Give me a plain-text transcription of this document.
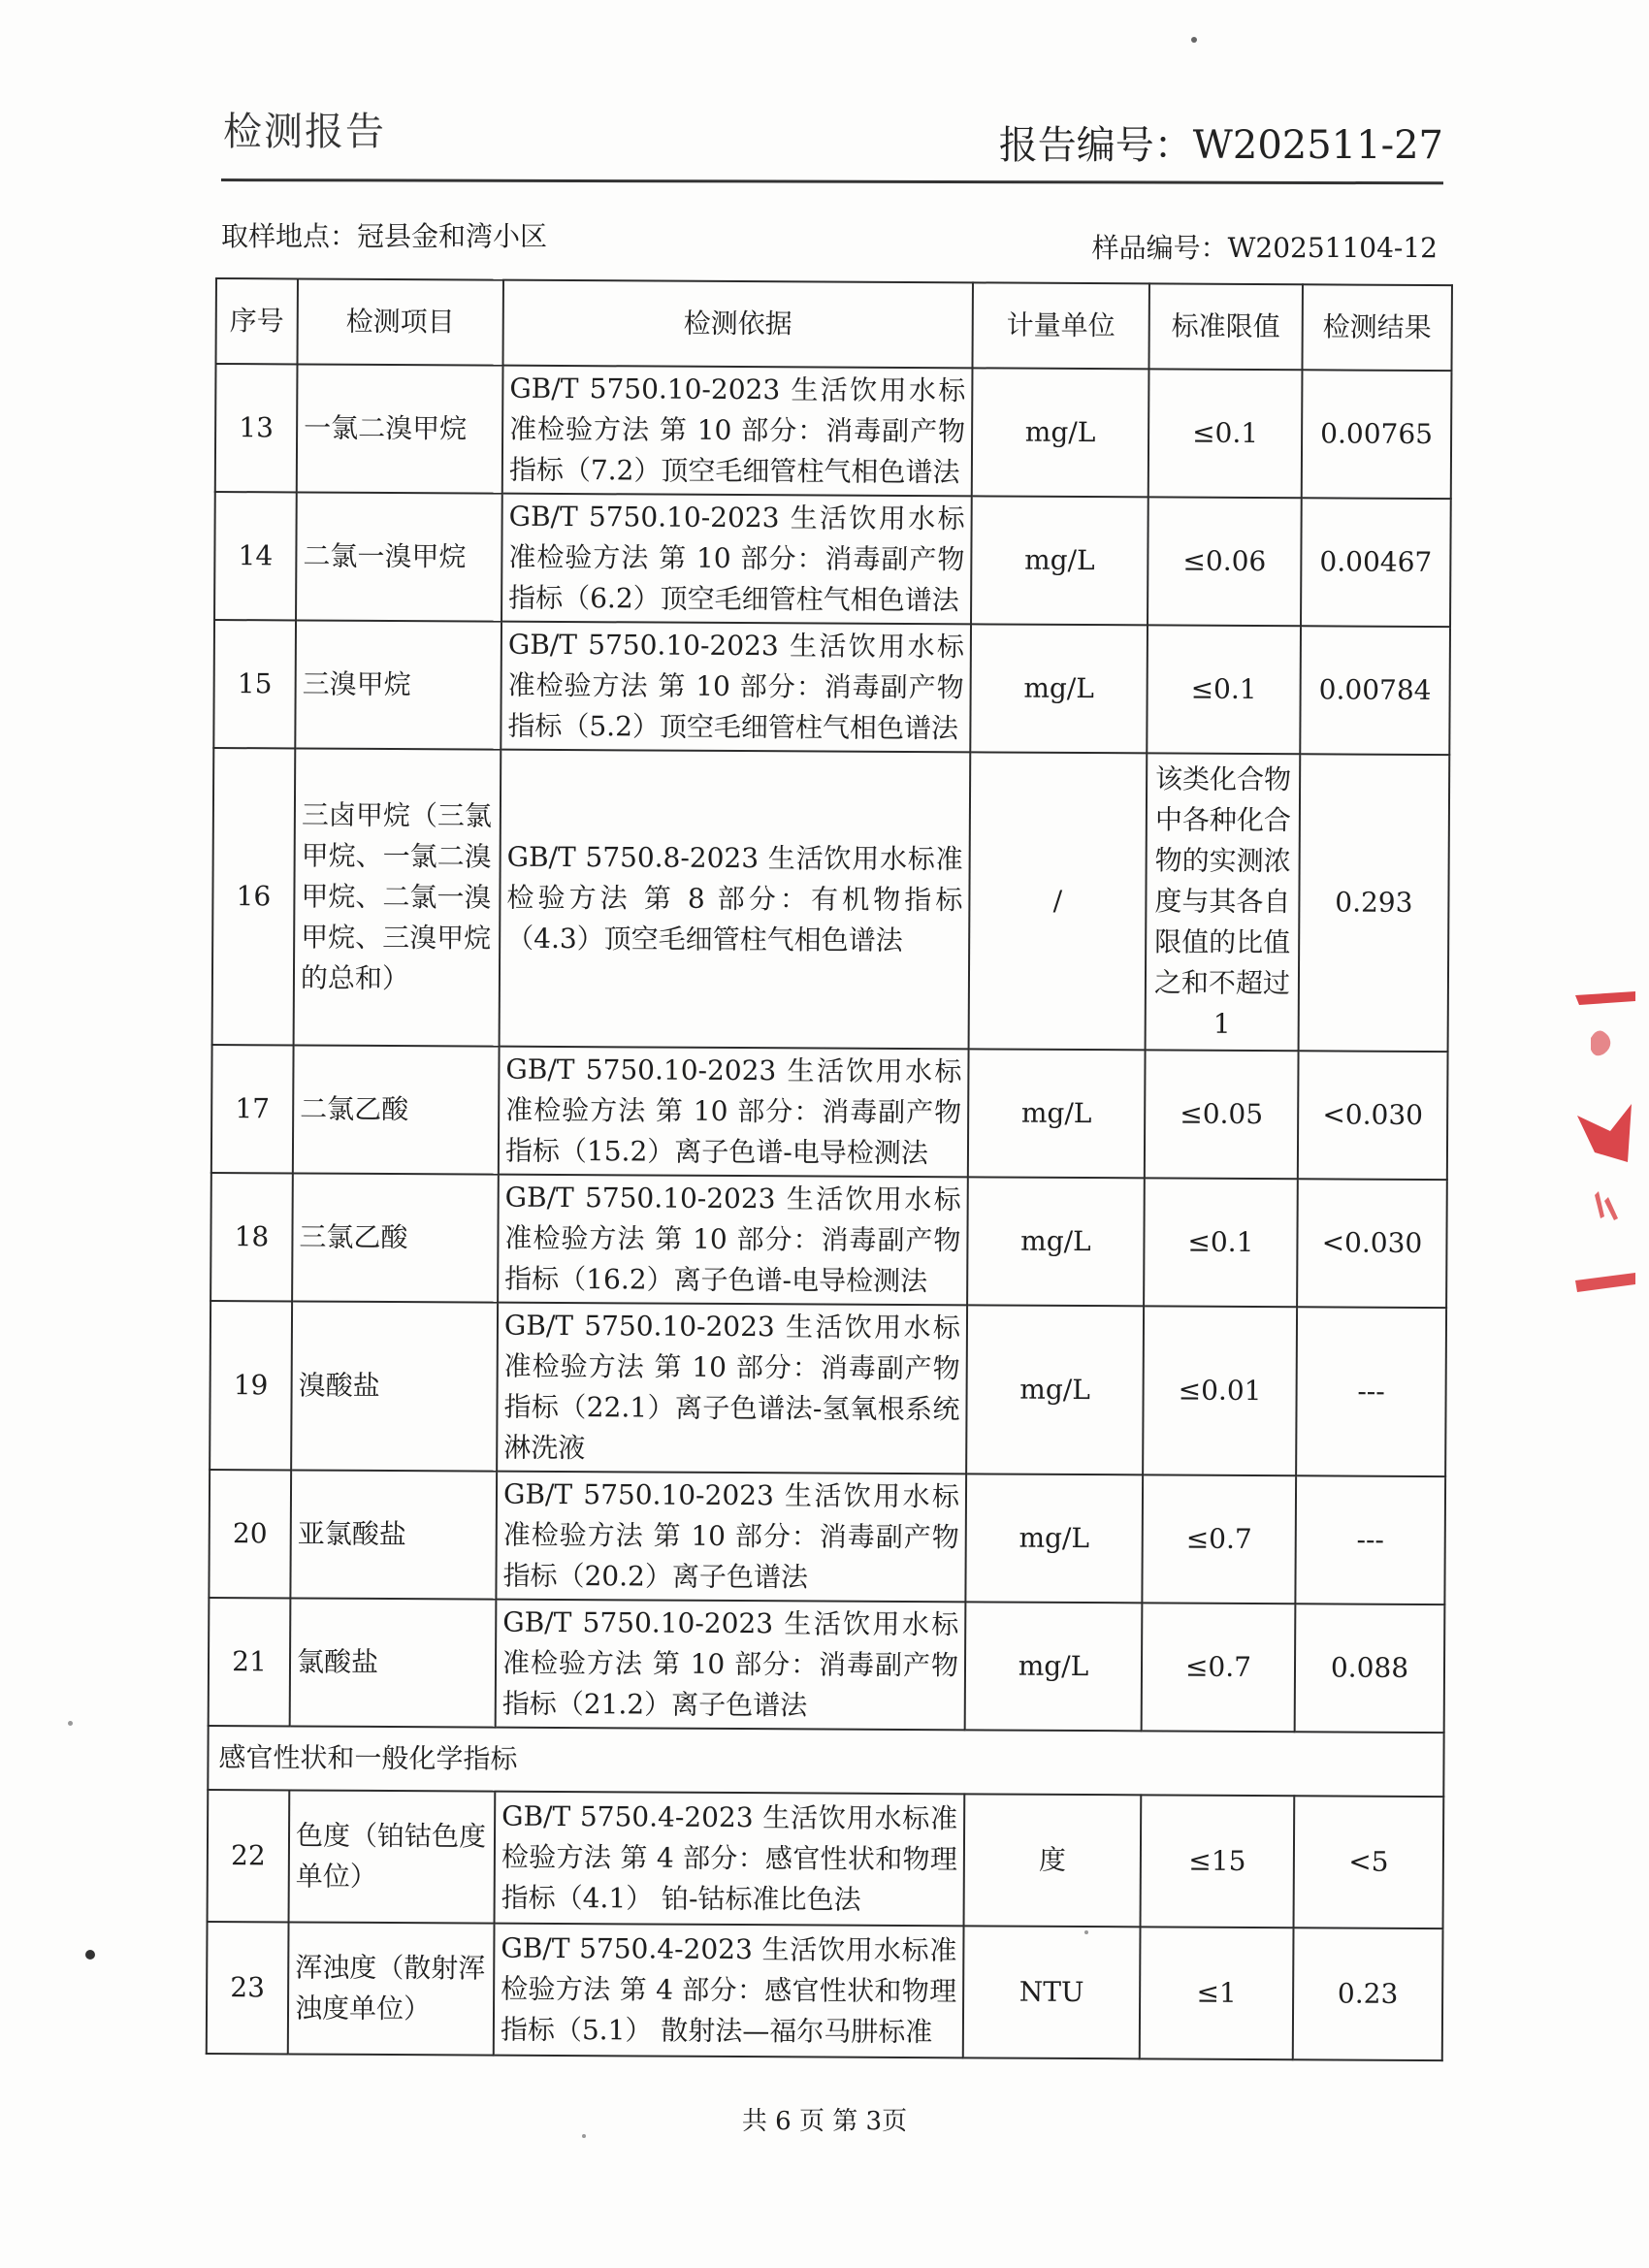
检测报告	报告编号：W202511-27
取样地点：冠县金和湾小区	样品编号：W20251104-12
序号	检测项目	检测依据	计量单位	标准限值	检测结果
13	一氯二溴甲烷	GB/T 5750.10-2023 生活饮用水标准检验方法 第 10 部分：消毒副产物指标（7.2）顶空毛细管柱气相色谱法	mg/L	≤0.1	0.00765
14	二氯一溴甲烷	GB/T 5750.10-2023 生活饮用水标准检验方法 第 10 部分：消毒副产物指标（6.2）顶空毛细管柱气相色谱法	mg/L	≤0.06	0.00467
15	三溴甲烷	GB/T 5750.10-2023 生活饮用水标准检验方法 第 10 部分：消毒副产物指标（5.2）顶空毛细管柱气相色谱法	mg/L	≤0.1	0.00784
16	三卤甲烷（三氯甲烷、一氯二溴甲烷、二氯一溴甲烷、三溴甲烷的总和）	GB/T 5750.8-2023 生活饮用水标准检验方法 第 8 部分：有机物指标（4.3）顶空毛细管柱气相色谱法	/	该类化合物中各种化合物的实测浓度与其各自限值的比值之和不超过1	0.293
17	二氯乙酸	GB/T 5750.10-2023 生活饮用水标准检验方法 第 10 部分：消毒副产物指标（15.2）离子色谱-电导检测法	mg/L	≤0.05	<0.030
18	三氯乙酸	GB/T 5750.10-2023 生活饮用水标准检验方法 第 10 部分：消毒副产物指标（16.2）离子色谱-电导检测法	mg/L	≤0.1	<0.030
19	溴酸盐	GB/T 5750.10-2023 生活饮用水标准检验方法 第 10 部分：消毒副产物指标（22.1）离子色谱法-氢氧根系统淋洗液	mg/L	≤0.01	---
20	亚氯酸盐	GB/T 5750.10-2023 生活饮用水标准检验方法 第 10 部分：消毒副产物指标（20.2）离子色谱法	mg/L	≤0.7	---
21	氯酸盐	GB/T 5750.10-2023 生活饮用水标准检验方法 第 10 部分：消毒副产物指标（21.2）离子色谱法	mg/L	≤0.7	0.088
感官性状和一般化学指标					
22	色度（铂钴色度单位）	GB/T 5750.4-2023 生活饮用水标准检验方法 第 4 部分：感官性状和物理指标（4.1） 铂-钴标准比色法	度	≤15	<5
23	浑浊度（散射浑浊度单位）	GB/T 5750.4-2023 生活饮用水标准检验方法 第 4 部分：感官性状和物理指标（5.1） 散射法—福尔马肼标准	NTU	≤1	0.23
共 6 页 第 3页
